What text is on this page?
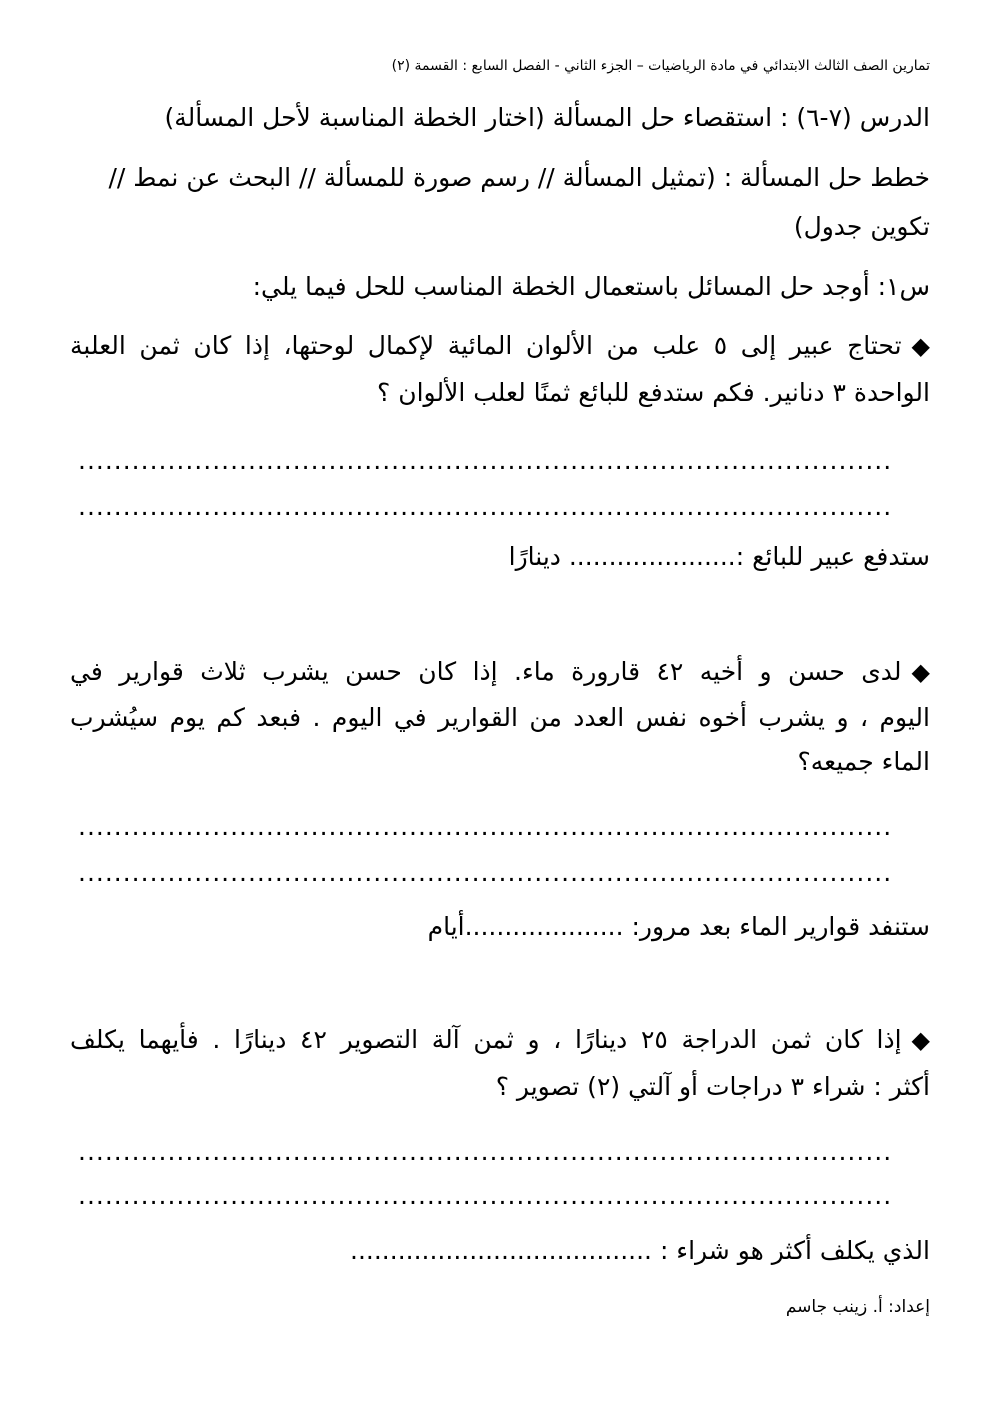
تمارين الصف الثالث الابتدائي في مادة الرياضيات – الجزء الثاني - الفصل السابع : القسمة (٢)
الدرس (٧-٦) : استقصاء حل المسألة (اختار الخطة المناسبة لأحل المسألة)
خطط حل المسألة : (تمثيل المسألة // رسم صورة للمسألة // البحث عن نمط //
تكوين جدول)
س١: أوجد حل المسائل باستعمال الخطة المناسب للحل فيما يلي:
◆تحتاج عبير إلى ٥ علب من الألوان المائية لإكمال لوحتها، إذا كان ثمن العلبة
الواحدة ٣ دنانير. فكم ستدفع للبائع ثمنًا لعلب الألوان ؟
...........................................................................................
...........................................................................................
ستدفع عبير للبائع :..................... دينارًا
◆لدى حسن و أخيه ٤٢ قارورة ماء. إذا كان حسن يشرب ثلاث قوارير في
اليوم ، و يشرب أخوه نفس العدد من القوارير في اليوم . فبعد كم يوم سيُشرب
الماء جميعه؟
...........................................................................................
...........................................................................................
ستنفد قوارير الماء بعد مرور: ....................أيام
◆إذا كان ثمن الدراجة ٢٥ دينارًا ، و ثمن آلة التصوير ٤٢ دينارًا . فأيهما يكلف
أكثر : شراء ٣ دراجات أو آلتي (٢) تصوير ؟
...........................................................................................
...........................................................................................
الذي يكلف أكثر هو شراء : ......................................
إعداد: أ. زينب جاسم
